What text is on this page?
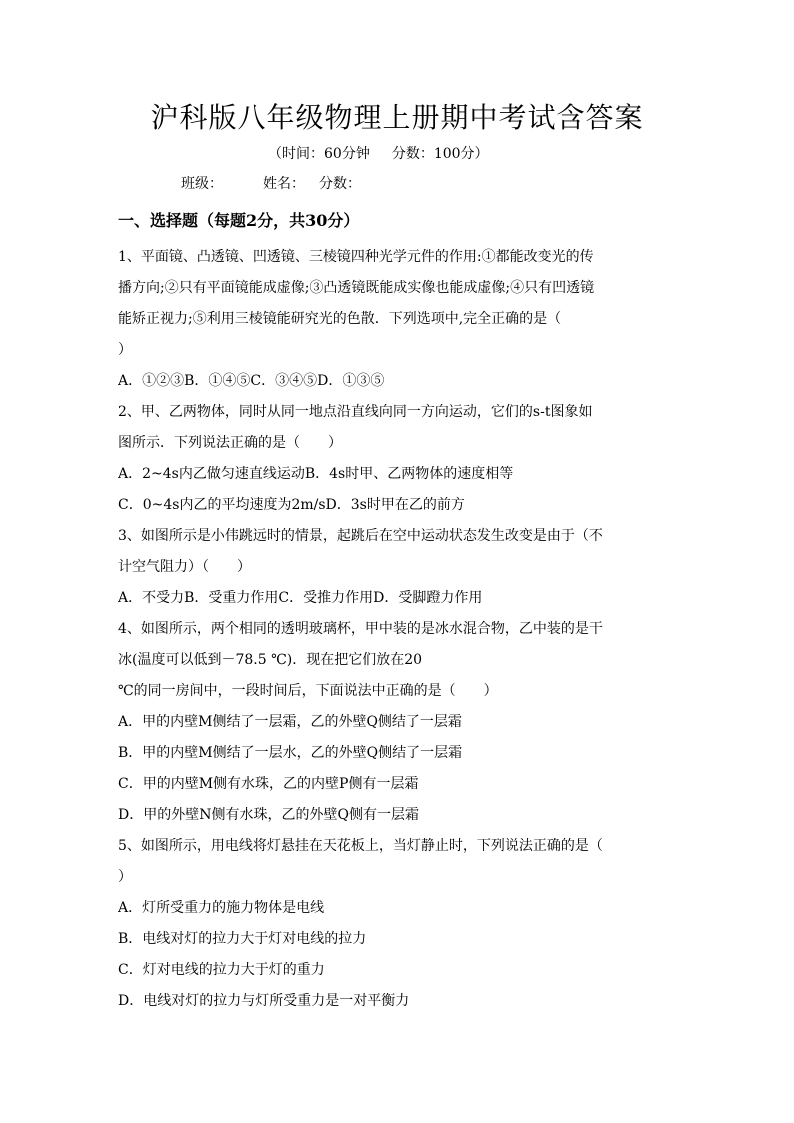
沪科版八年级物理上册期中考试含答案
（时间：60分钟 分数：100分）
班级：	姓名： 分数：
一、选择题（每题2分，共30分）
1、平面镜、凸透镜、凹透镜、三棱镜四种光学元件的作用:①都能改变光的传
播方向;②只有平面镜能成虚像;③凸透镜既能成实像也能成虚像;④只有凹透镜
能矫正视力;⑤利用三棱镜能研究光的色散．下列选项中,完全正确的是（
）
A．①②③B．①④⑤C．③④⑤D．①③⑤
2、甲、乙两物体，同时从同一地点沿直线向同一方向运动，它们的s-t图象如
图所示．下列说法正确的是（　　）
A．2~4s内乙做匀速直线运动B．4s时甲、乙两物体的速度相等
C．0~4s内乙的平均速度为2m/sD．3s时甲在乙的前方
3、如图所示是小伟跳远时的情景，起跳后在空中运动状态发生改变是由于（不
计空气阻力）（　　）
A．不受力B．受重力作用C．受推力作用D．受脚蹬力作用
4、如图所示，两个相同的透明玻璃杯，甲中装的是冰水混合物，乙中装的是干
冰(温度可以低到－78.5 ℃)．现在把它们放在20
℃的同一房间中，一段时间后，下面说法中正确的是（　　）
A．甲的内壁M侧结了一层霜，乙的外壁Q侧结了一层霜
B．甲的内壁M侧结了一层水，乙的外壁Q侧结了一层霜
C．甲的内壁M侧有水珠，乙的内壁P侧有一层霜
D．甲的外壁N侧有水珠，乙的外壁Q侧有一层霜
5、如图所示，用电线将灯悬挂在天花板上，当灯静止时，下列说法正确的是（
）
A．灯所受重力的施力物体是电线
B．电线对灯的拉力大于灯对电线的拉力
C．灯对电线的拉力大于灯的重力
D．电线对灯的拉力与灯所受重力是一对平衡力
